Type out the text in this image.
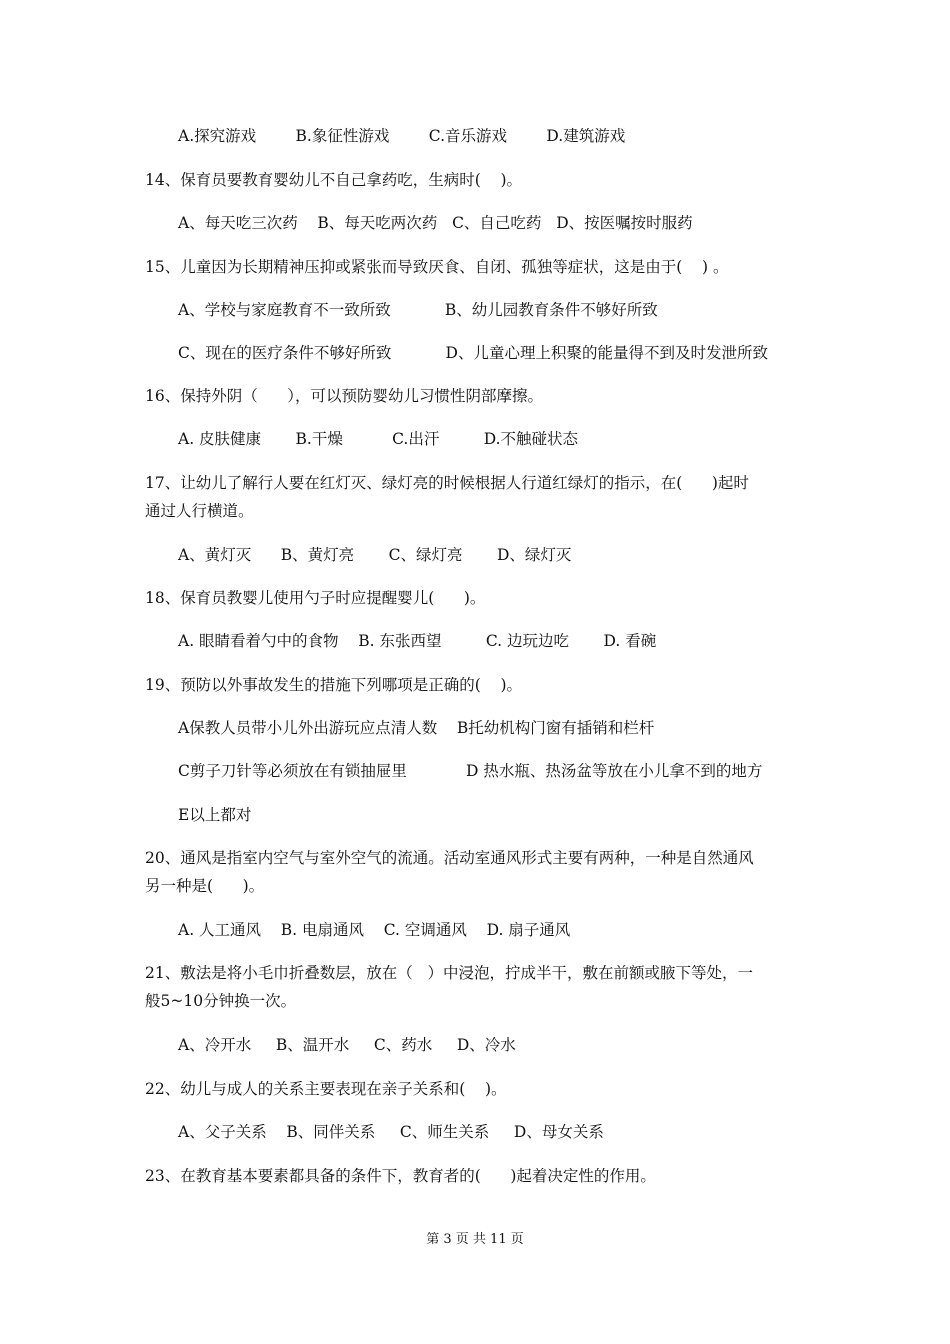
A.探究游戏        B.象征性游戏        C.音乐游戏        D.建筑游戏
14、保育员要教育婴幼儿不自己拿药吃，生病时(    )。
A、每天吃三次药    B、每天吃两次药   C、自己吃药   D、按医嘱按时服药
15、儿童因为长期精神压抑或紧张而导致厌食、自闭、孤独等症状，这是由于(    ) 。
A、学校与家庭教育不一致所致           B、幼儿园教育条件不够好所致
C、现在的医疗条件不够好所致           D、儿童心理上积聚的能量得不到及时发泄所致
16、保持外阴（      ），可以预防婴幼儿习惯性阴部摩擦。
A. 皮肤健康       B.干燥          C.出汗         D.不触碰状态
17、让幼儿了解行人要在红灯灭、绿灯亮的时候根据人行道红绿灯的指示，在(      )起时
通过人行横道。
A、黄灯灭      B、黄灯亮       C、绿灯亮       D、绿灯灭
18、保育员教婴儿使用勺子时应提醒婴儿(      )。
A. 眼睛看着勺中的食物    B. 东张西望         C. 边玩边吃       D. 看碗
19、预防以外事故发生的措施下列哪项是正确的(    )。
A保教人员带小儿外出游玩应点清人数    B托幼机构门窗有插销和栏杆
C剪子刀针等必须放在有锁抽屉里            D 热水瓶、热汤盆等放在小儿拿不到的地方
E以上都对
20、通风是指室内空气与室外空气的流通。活动室通风形式主要有两种，一种是自然通风
另一种是(      )。
A. 人工通风    B. 电扇通风    C. 空调通风    D. 扇子通风
21、敷法是将小毛巾折叠数层，放在（   ）中浸泡，拧成半干，敷在前额或腋下等处，一
般5~10分钟换一次。
A、冷开水     B、温开水     C、药水     D、冷水
22、幼儿与成人的关系主要表现在亲子关系和(    )。
A、父子关系    B、同伴关系     C、师生关系     D、母女关系
23、在教育基本要素都具备的条件下，教育者的(      )起着决定性的作用。
第 3 页 共 11 页
